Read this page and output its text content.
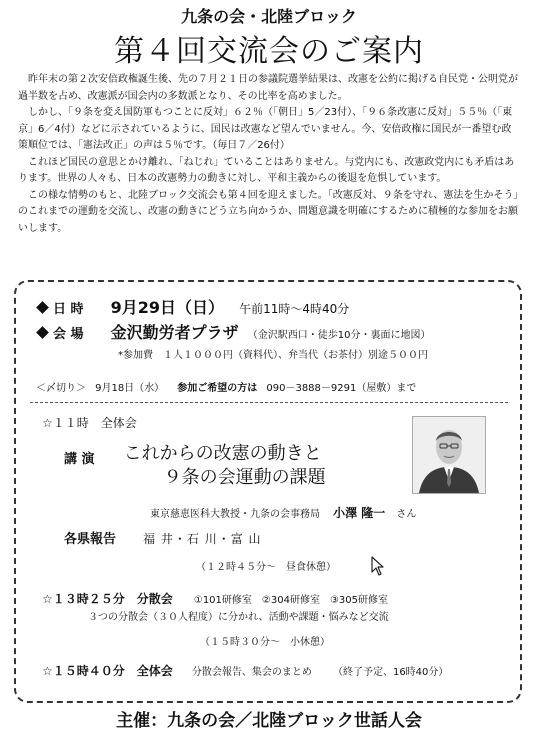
九条の会・北陸ブロック
第４回交流会のご案内

昨年末の第２次安倍政権誕生後、先の７月２１日の参議院選挙結果は、改憲を公約に掲げる自民党・公明党が過半数を占め、改憲派が国会内の多数派となり、その比率を高めました。

しかし、「９条を変え国防軍もつことに反対」６２％（「朝日」5／23付）、「９６条改憲に反対」５５％（「東京」6／4付）などに示されているように、国民は改憲など望んでいません。今、安倍政権に国民が一番望む政策順位では、「憲法改正」の声は５％です。（毎日７／26付）

これほど国民の意思とかけ離れ、「ねじれ」ていることはありません。与党内にも、改憲政党内にも矛盾はあります。世界の人々も、日本の改憲勢力の動きに対し、平和主義からの後退を危惧しています。

この様な情勢のもと、北陸ブロック交流会も第４回を迎えました。「改憲反対、９条を守れ、憲法を生かそう」のこれまでの運動を交流し、改憲の動きにどう立ち向かうか、問題意識を明確にするために積極的な参加をお願いします。

日 時 9月29日（日） 午前11時～4時40分
会 場 金沢勤労者プラザ （金沢駅西口・徒歩10分・裏面に地図）
*参加費　１人１０００円（資料代）、弁当代（お茶付）別途５００円
＜〆切り＞ 9月18日（水） 参加ご希望の方は 090－3888－9291（屋敷）まで
☆１１時　全体会
講 演 これからの改憲の動きと
９条の会運動の課題
東京慈恵医科大教授・九条の会事務局 小澤 隆一 さん
各県報告 福 井・石 川・富 山
（１２時４５分～　昼食休憩）
☆１３時２５分　分散会 ①101研修室　②304研修室　③305研修室
３つの分散会（３０人程度）に分かれ、活動や課題・悩みなど交流
（１５時３０分～　小休憩）
☆１５時４０分　全体会 分散会報告、集会のまとめ （終了予定、16時40分）
主催：九条の会／北陸ブロック世話人会
